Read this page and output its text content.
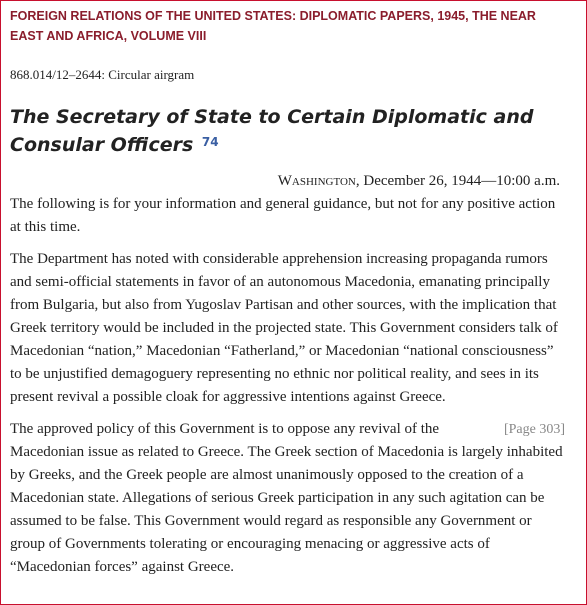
FOREIGN RELATIONS OF THE UNITED STATES: DIPLOMATIC PAPERS, 1945, THE NEAR EAST AND AFRICA, VOLUME VIII
868.014/12–2644: Circular airgram
The Secretary of State to Certain Diplomatic and Consular Officers $^{74}$
Washington, December 26, 1944—10:00 a.m.

The following is for your information and general guidance, but not for any positive action at this time.

The Department has noted with considerable apprehension increasing propaganda rumors and semi-official statements in favor of an autonomous Macedonia, emanating principally from Bulgaria, but also from Yugoslav Partisan and other sources, with the implication that Greek territory would be included in the projected state. This Government considers talk of Macedonian “nation,” Macedonian “Fatherland,” or Macedonian “national consciousness” to be unjustified demagoguery representing no ethnic nor political reality, and sees in its present revival a possible cloak for aggressive intentions against Greece.

[Page 303]
The approved policy of this Government is to oppose any revival of the Macedonian issue as related to Greece. The Greek section of Macedonia is largely inhabited by Greeks, and the Greek people are almost unanimously opposed to the creation of a Macedonian state. Allegations of serious Greek participation in any such agitation can be assumed to be false. This Government would regard as responsible any Government or group of Governments tolerating or encouraging menacing or aggressive acts of “Macedonian forces” against Greece.
